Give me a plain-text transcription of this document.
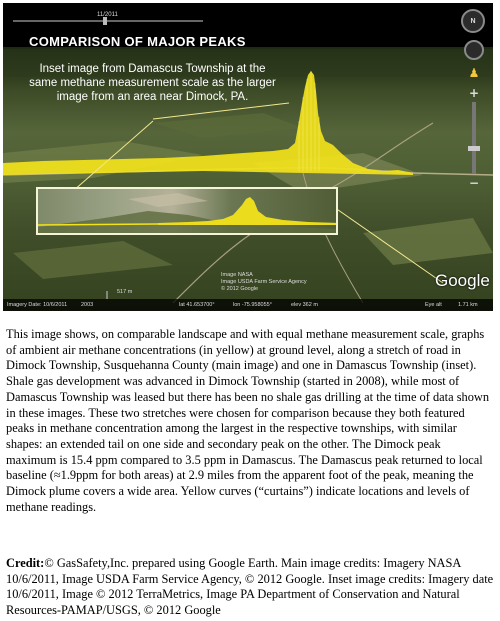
11/2011
COMPARISON OF MAJOR PEAKS
Inset image from Damascus Township at the same methane measurement scale as the larger image from an area near Dimock, PA.
N
♟
+
−
Image NASA
Image USDA Farm Service Agency
© 2012 Google
517 m
Google
Imagery Date: 10/6/2011	2003	lat 41.653700°	lon -75.958055°	elev 362 m	Eye alt	1.71 km

This image shows, on comparable landscape and with equal methane measurement scale, graphs of ambient air methane concentrations (in yellow) at ground level, along a stretch of road in Dimock Township, Susquehanna County (main image) and one in Damascus Township (inset). Shale gas development was advanced in Dimock Township (started in 2008), while most of Damascus Township was leased but there has been no shale gas drilling at the time of data shown in these images. These two stretches were chosen for comparison because they both featured peaks in methane concentration among the largest in the respective townships, with similar shapes: an extended tail on one side and secondary peak on the other. The Dimock peak maximum is 15.4 ppm compared to 3.5 ppm in Damascus. The Damascus peak returned to local baseline (≈1.9ppm for both areas) at 2.9 miles from the apparent foot of the peak, meaning the Dimock plume covers a wide area. Yellow curves (“curtains”) indicate locations and levels of methane readings.

Credit:© GasSafety,Inc. prepared using Google Earth. Main image credits: Imagery NASA 10/6/2011, Image USDA Farm Service Agency, © 2012 Google. Inset image credits: Imagery date 10/6/2011, Image © 2012 TerraMetrics, Image PA Department of Conservation and Natural Resources-PAMAP/USGS, © 2012 Google
